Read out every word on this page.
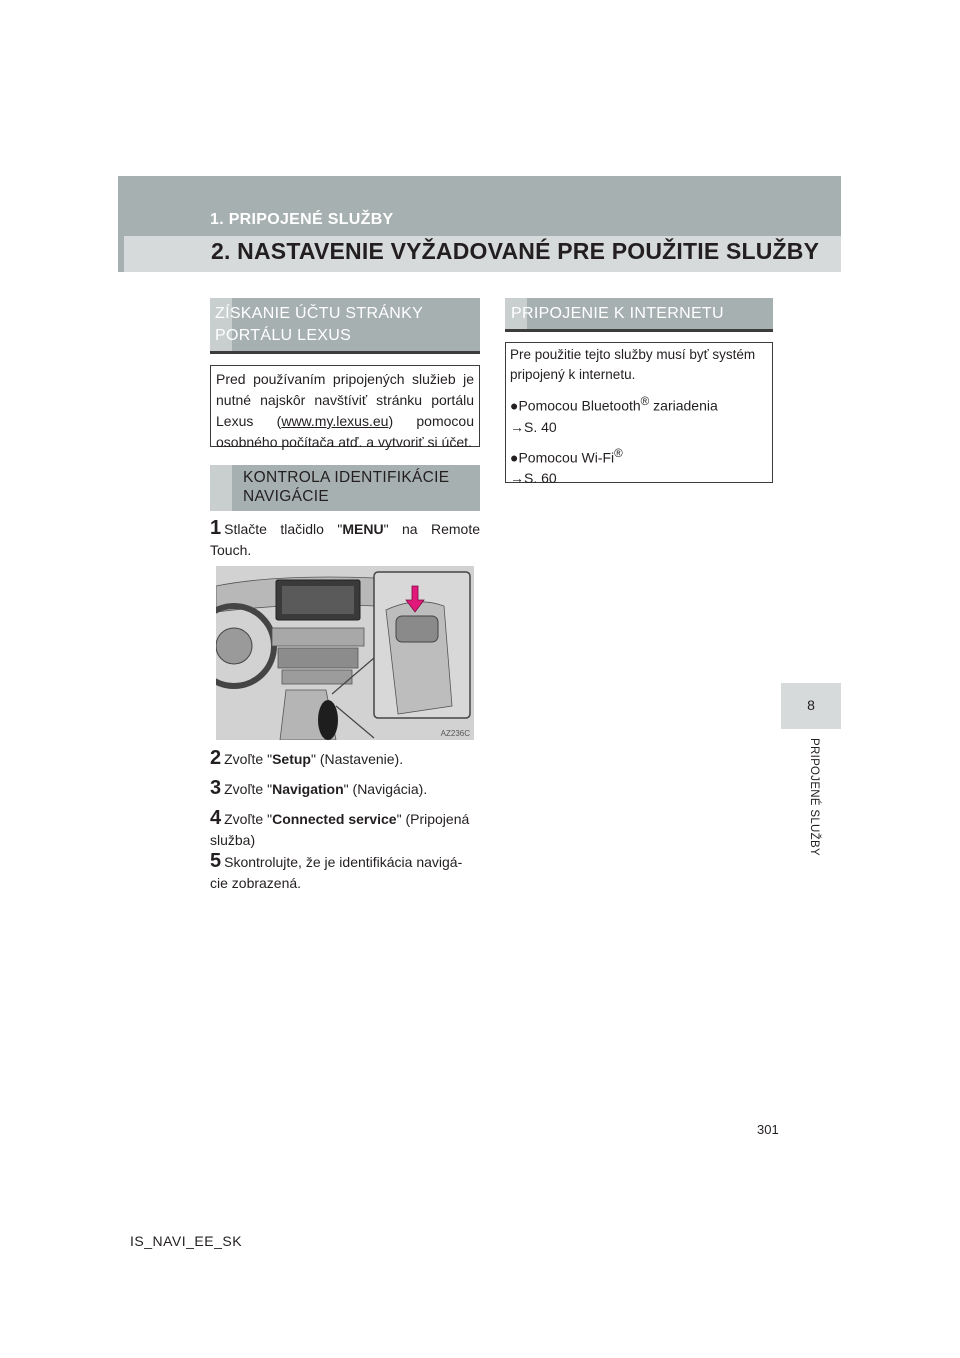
1. PRIPOJENÉ SLUŽBY
2. NASTAVENIE VYŽADOVANÉ PRE POUŽITIE SLUŽBY
8
PRIPOJENÉ SLUŽBY
ZÍSKANIE ÚČTU STRÁNKY
PORTÁLU LEXUS
Pred používaním pripojených služieb je nutné najskôr navštíviť stránku portálu Lexus (www.my.lexus.eu) pomocou osobného počítača atď. a vytvoriť si účet.
KONTROLA IDENTIFIKÁCIE
NAVIGÁCIE
1 Stlačte tlačidlo "MENU" na Remote Touch.
AZ236C
2 Zvoľte "Setup" (Nastavenie).
3 Zvoľte "Navigation" (Navigácia).
4 Zvoľte "Connected service" (Pripojená služba)
5 Skontrolujte, že je identifikácia navigá-cie zobrazená.
PRIPOJENIE K INTERNETU
Pre použitie tejto služby musí byť systém pripojený k internetu.
●Pomocou Bluetooth® zariadenia
→S. 40
●Pomocou Wi-Fi®
→S. 60
301
IS_NAVI_EE_SK
